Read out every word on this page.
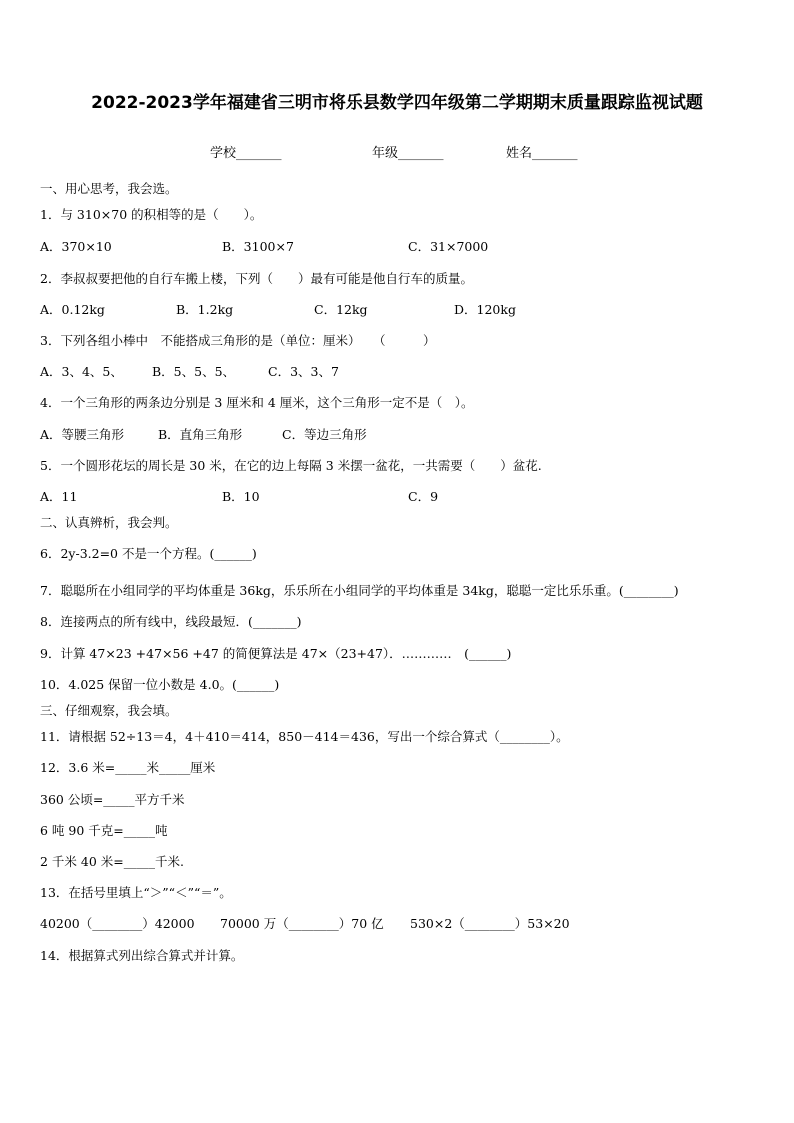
2022-2023学年福建省三明市将乐县数学四年级第二学期期末质量跟踪监视试题
学校_______	年级_______	姓名_______
一、用心思考，我会选。
1．与 310×70 的积相等的是（　　）。
A．370×10	B．3100×7	C．31×7000
2．李叔叔要把他的自行车搬上楼，下列（　　）最有可能是他自行车的质量。
A．0.12kg	B．1.2kg	C．12kg	D．120kg
3．下列各组小棒中　不能搭成三角形的是（单位：厘米）　　（　　　）
A．3、4、5、 B．5、5、5、	C．3、3、7
4．一个三角形的两条边分别是 3 厘米和 4 厘米，这个三角形一定不是（　）。
A．等腰三角形	B．直角三角形	C．等边三角形
5．一个圆形花坛的周长是 30 米，在它的边上每隔 3 米摆一盆花，一共需要（　　）盆花.
A．11	B．10	C．9
二、认真辨析，我会判。
6．2y-3.2=0 不是一个方程。(______)
7．聪聪所在小组同学的平均体重是 36kg，乐乐所在小组同学的平均体重是 34kg，聪聪一定比乐乐重。(________)
8．连接两点的所有线中，线段最短．(_______)
9．计算 47×23 +47×56 +47 的简便算法是 47×（23+47）．…………　(______)
10．4.025 保留一位小数是 4.0。(______)
三、仔细观察，我会填。
11．请根据 52÷13＝4，4＋410＝414，850－414＝436，写出一个综合算式（________）。
12．3.6 米=_____米_____厘米
360 公顷=_____平方千米
6 吨 90 千克=_____吨
2 千米 40 米=_____千米.
13．在括号里填上“＞”“＜”“＝”。
40200（________）42000 70000 万（________）70 亿 530×2（________）53×20
14．根据算式列出综合算式并计算。
